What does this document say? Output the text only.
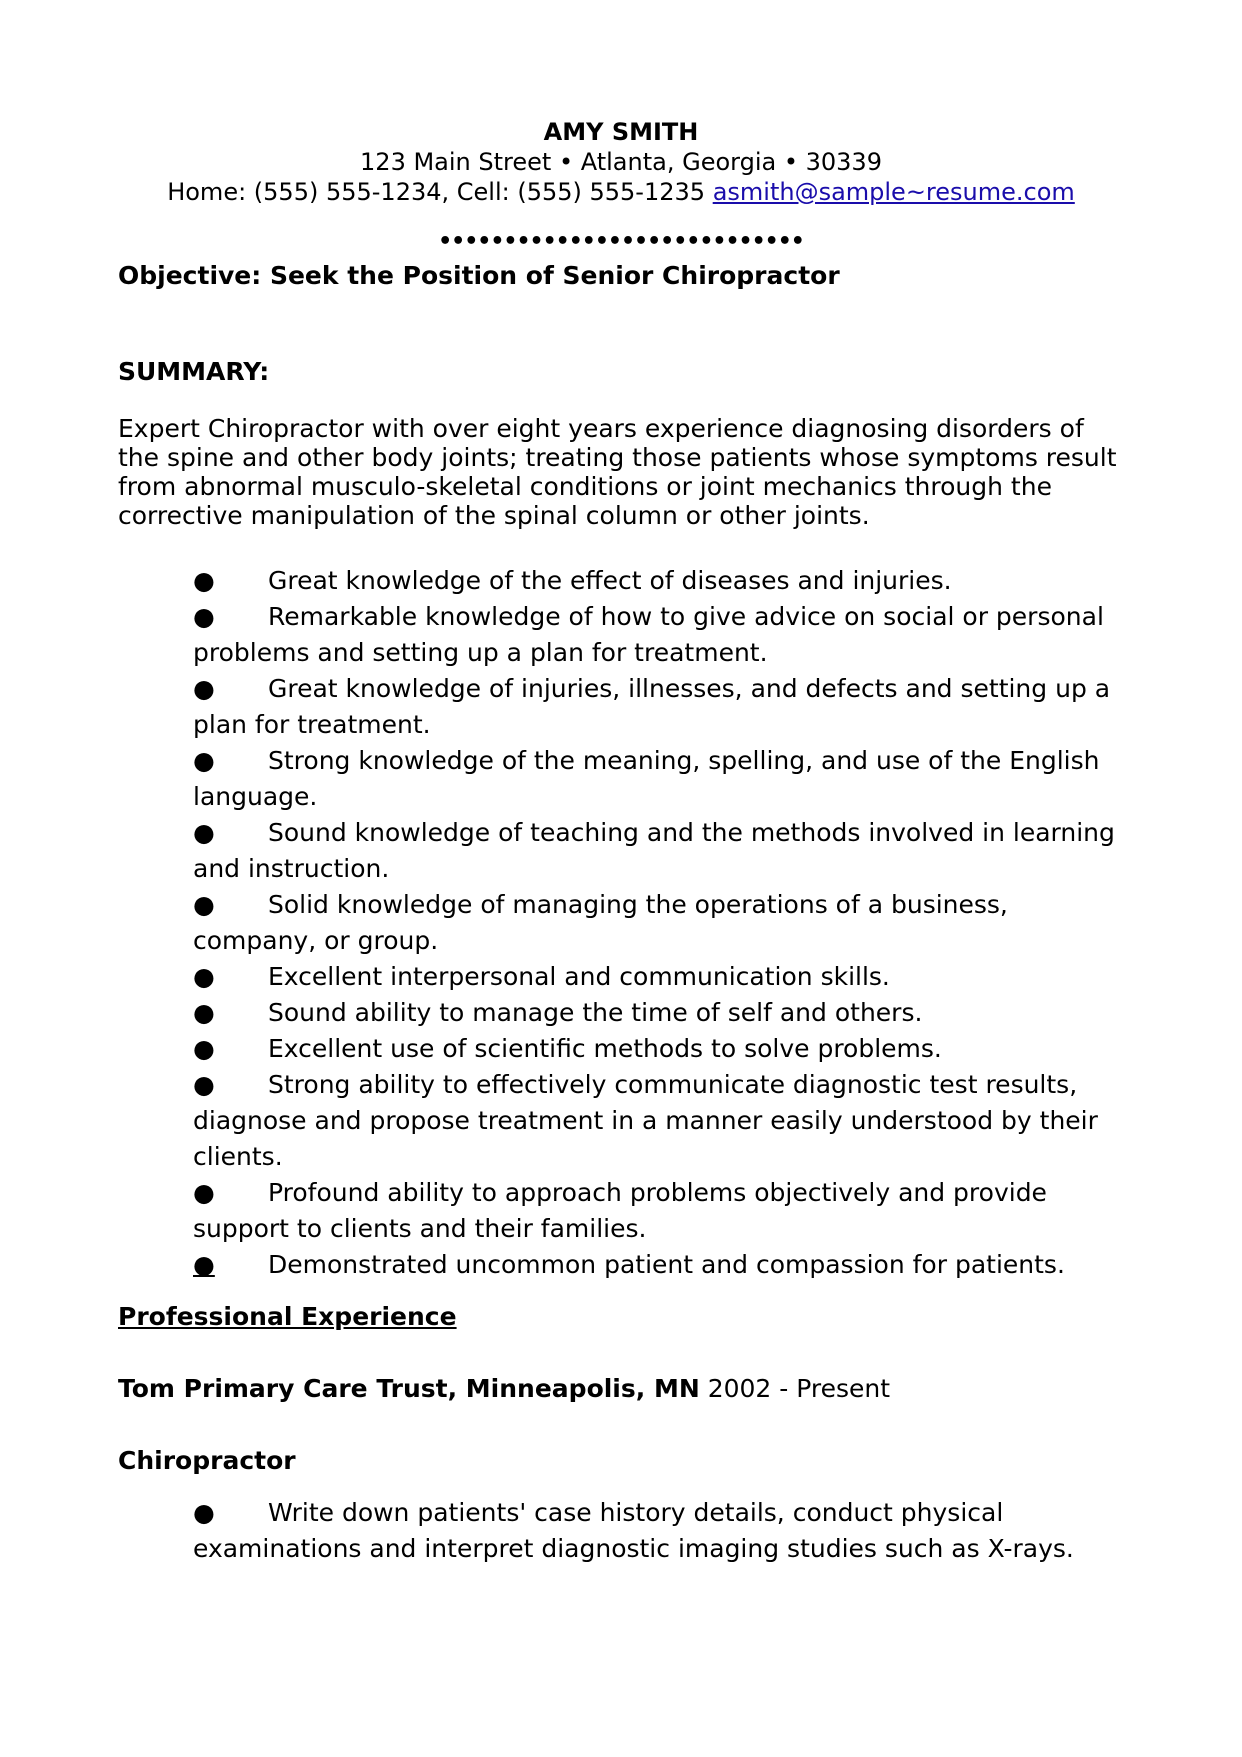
AMY SMITH
123 Main Street • Atlanta, Georgia • 30339
Home: (555) 555-1234, Cell: (555) 555-1235 asmith@sample~resume.com
••••••••••••••••••••••••••••
Objective: Seek the Position of Senior Chiropractor
SUMMARY:
Expert Chiropractor with over eight years experience diagnosing disorders of the spine and other body joints; treating those patients whose symptoms result from abnormal musculo-skeletal conditions or joint mechanics through the corrective manipulation of the spinal column or other joints.
● Great knowledge of the effect of diseases and injuries.
● Remarkable knowledge of how to give advice on social or personal problems and setting up a plan for treatment.
● Great knowledge of injuries, illnesses, and defects and setting up a plan for treatment.
● Strong knowledge of the meaning, spelling, and use of the English language.
● Sound knowledge of teaching and the methods involved in learning and instruction.
● Solid knowledge of managing the operations of a business, company, or group.
● Excellent interpersonal and communication skills.
● Sound ability to manage the time of self and others.
● Excellent use of scientific methods to solve problems.
● Strong ability to effectively communicate diagnostic test results, diagnose and propose treatment in a manner easily understood by their clients.
● Profound ability to approach problems objectively and provide support to clients and their families.
● Demonstrated uncommon patient and compassion for patients.
Professional Experience
Tom Primary Care Trust, Minneapolis, MN 2002 - Present
Chiropractor
● Write down patients' case history details, conduct physical examinations and interpret diagnostic imaging studies such as X-rays.
